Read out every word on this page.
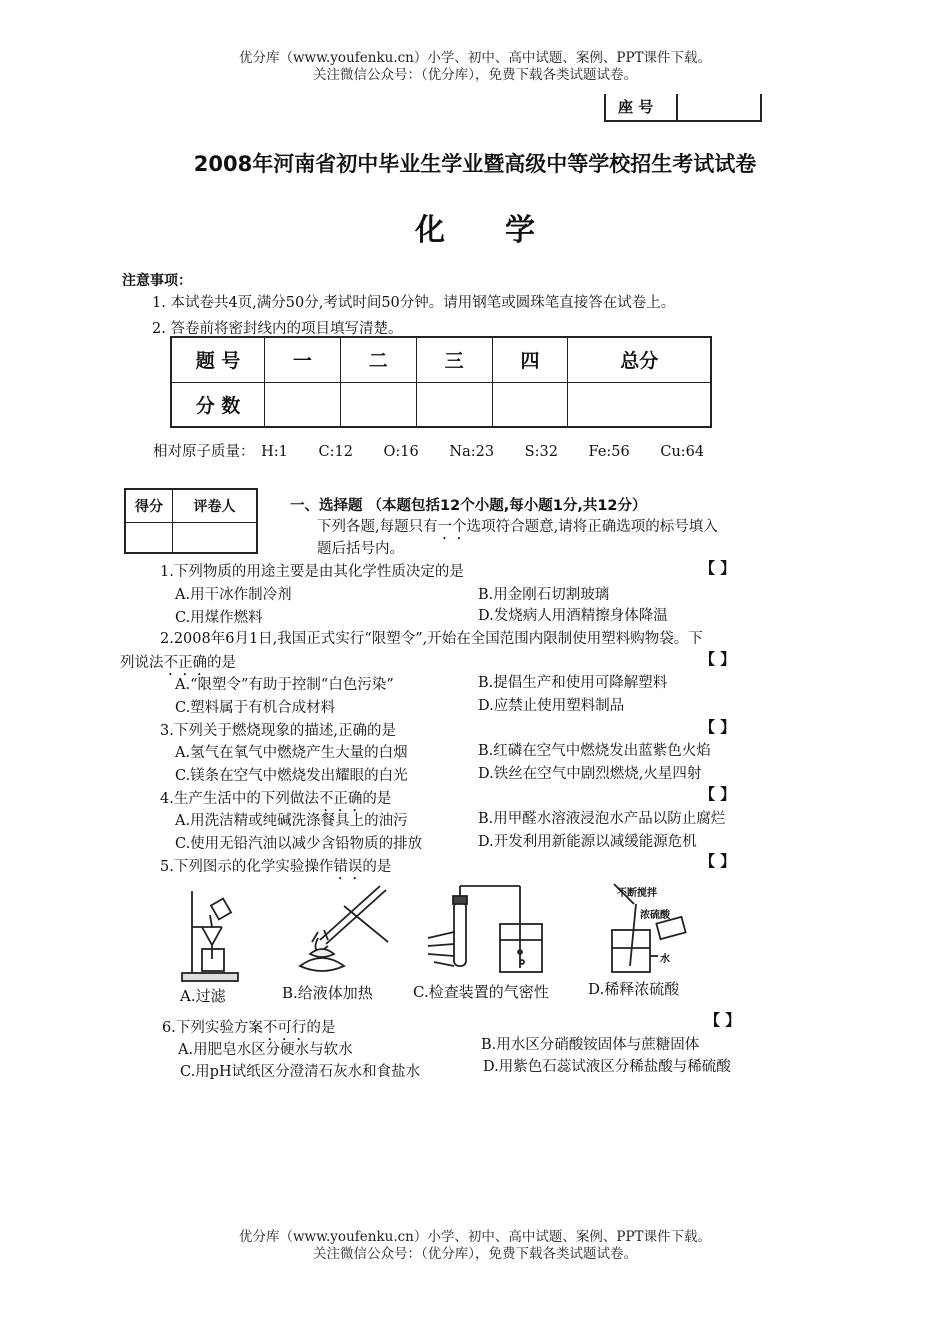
优分库（www.youfenku.cn）小学、初中、高中试题、案例、PPT课件下载。
关注微信公众号：（优分库），免费下载各类试题试卷。
座 号
2008年河南省初中毕业生学业暨高级中等学校招生考试试卷
化学
注意事项：
1. 本试卷共4页,满分50分,考试时间50分钟。请用钢笔或圆珠笔直接答在试卷上。
2. 答卷前将密封线内的项目填写清楚。
题 号	一	二	三	四	总分
分 数					
相对原子质量： H:1 C:12 O:16 Na:23 S:32 Fe:56 Cu:64
得分	评卷人
		一、选择题 （本题包括12个小题,每小题1分,共12分）
下列各题,每题只有一个选项符合题意,请将正确选项的标号填入
题后括号内。
1.下列物质的用途主要是由其化学性质决定的是	【 】
A.用干冰作制冷剂	B.用金刚石切割玻璃
C.用煤作燃料	D.发烧病人用酒精擦身体降温
2.2008年6月1日,我国正式实行“限塑令”,开始在全国范围内限制使用塑料购物袋。下
列说法不正确的是	【 】
A.“限塑令”有助于控制“白色污染”	B.提倡生产和使用可降解塑料
C.塑料属于有机合成材料	D.应禁止使用塑料制品
3.下列关于燃烧现象的描述,正确的是	【 】
A.氢气在氧气中燃烧产生大量的白烟	B.红磷在空气中燃烧发出蓝紫色火焰
C.镁条在空气中燃烧发出耀眼的白光	D.铁丝在空气中剧烈燃烧,火星四射
4.生产生活中的下列做法不正确的是	【 】
A.用洗洁精或纯碱洗涤餐具上的油污	B.用甲醛水溶液浸泡水产品以防止腐烂
C.使用无铅汽油以减少含铅物质的排放	D.开发利用新能源以减缓能源危机
5.下列图示的化学实验操作错误的是	【 】
不断搅拌
浓硫酸
水
A.过滤	B.给液体加热	C.检查装置的气密性	D.稀释浓硫酸
6.下列实验方案不可行的是	【 】
A.用肥皂水区分硬水与软水	B.用水区分硝酸铵固体与蔗糖固体
C.用pH试纸区分澄清石灰水和食盐水	D.用紫色石蕊试液区分稀盐酸与稀硫酸
优分库（www.youfenku.cn）小学、初中、高中试题、案例、PPT课件下载。
关注微信公众号：（优分库），免费下载各类试题试卷。
